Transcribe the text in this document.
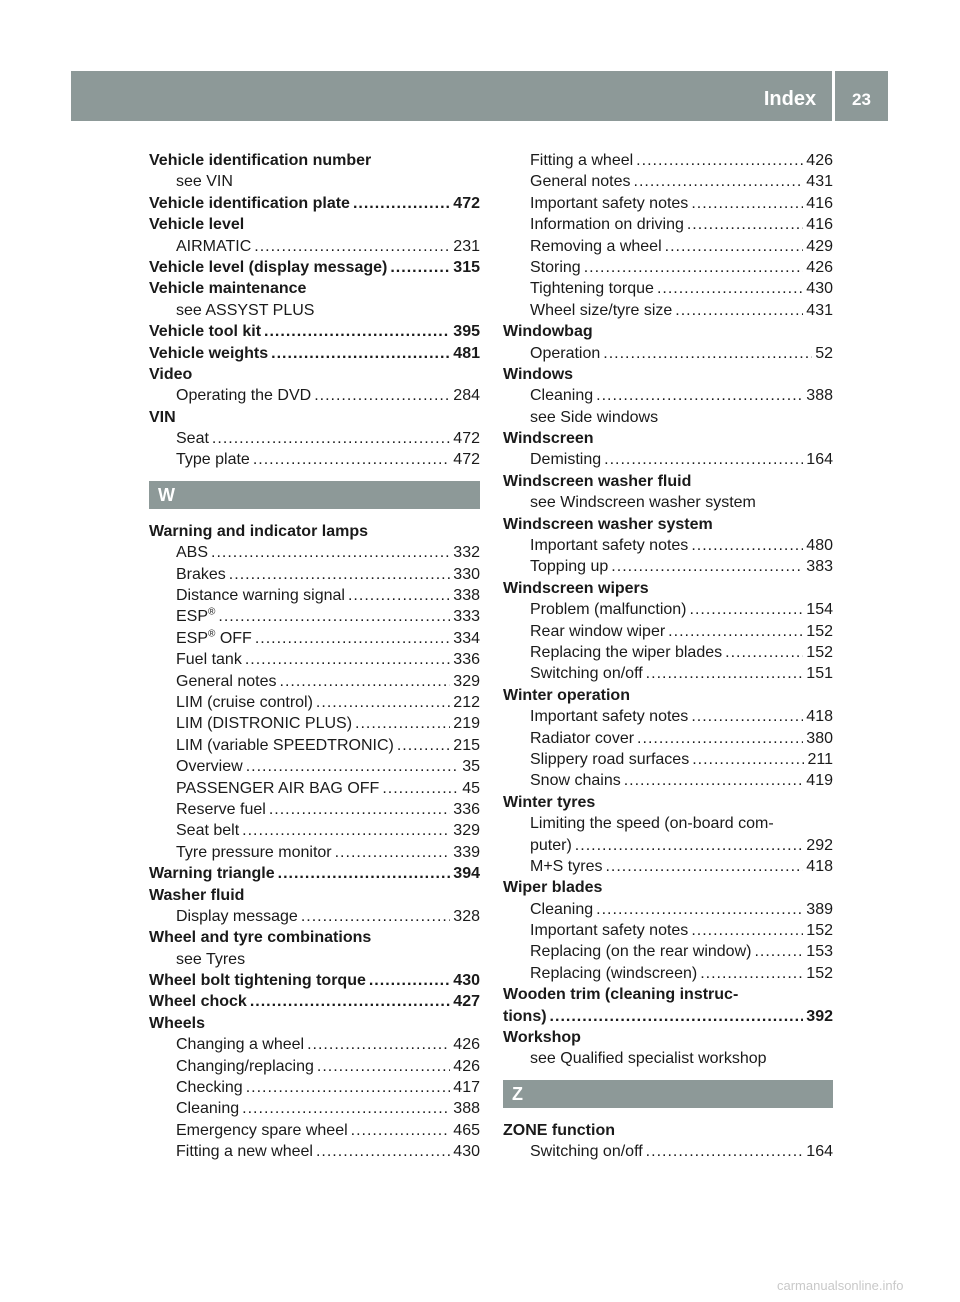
Index	23
Vehicle identification number
see VIN
Vehicle identification plate .....	472
Vehicle level
AIRMATIC .....	231
Vehicle level (display message) .....	315
Vehicle maintenance
see ASSYST PLUS
Vehicle tool kit .....	395
Vehicle weights .....	481
Video
Operating the DVD .....	284
VIN
Seat .....	472
Type plate .....	472
W
Warning and indicator lamps
ABS .....	332
Brakes .....	330
Distance warning signal .....	338
ESP® .....	333
ESP® OFF .....	334
Fuel tank .....	336
General notes .....	329
LIM (cruise control) .....	212
LIM (DISTRONIC PLUS) .....	219
LIM (variable SPEEDTRONIC) .....	215
Overview .....	35
PASSENGER AIR BAG OFF .....	45
Reserve fuel .....	336
Seat belt .....	329
Tyre pressure monitor .....	339
Warning triangle .....	394
Washer fluid
Display message .....	328
Wheel and tyre combinations
see Tyres
Wheel bolt tightening torque .....	430
Wheel chock .....	427
Wheels
Changing a wheel .....	426
Changing/replacing .....	426
Checking .....	417
Cleaning .....	388
Emergency spare wheel .....	465
Fitting a new wheel .....	430
Fitting a wheel .....	426
General notes .....	431
Important safety notes .....	416
Information on driving .....	416
Removing a wheel .....	429
Storing .....	426
Tightening torque .....	430
Wheel size/tyre size .....	431
Windowbag
Operation .....	52
Windows
Cleaning .....	388
see Side windows
Windscreen
Demisting .....	164
Windscreen washer fluid
see Windscreen washer system
Windscreen washer system
Important safety notes .....	480
Topping up .....	383
Windscreen wipers
Problem (malfunction) .....	154
Rear window wiper .....	152
Replacing the wiper blades .....	152
Switching on/off .....	151
Winter operation
Important safety notes .....	418
Radiator cover .....	380
Slippery road surfaces .....	211
Snow chains .....	419
Winter tyres
Limiting the speed (on-board com-
puter) .....	292
M+S tyres .....	418
Wiper blades
Cleaning .....	389
Important safety notes .....	152
Replacing (on the rear window) .....	153
Replacing (windscreen) .....	152
Wooden trim (cleaning instruc-
tions) .....	392
Workshop
see Qualified specialist workshop
Z
ZONE function
Switching on/off .....	164
carmanualsonline.info
